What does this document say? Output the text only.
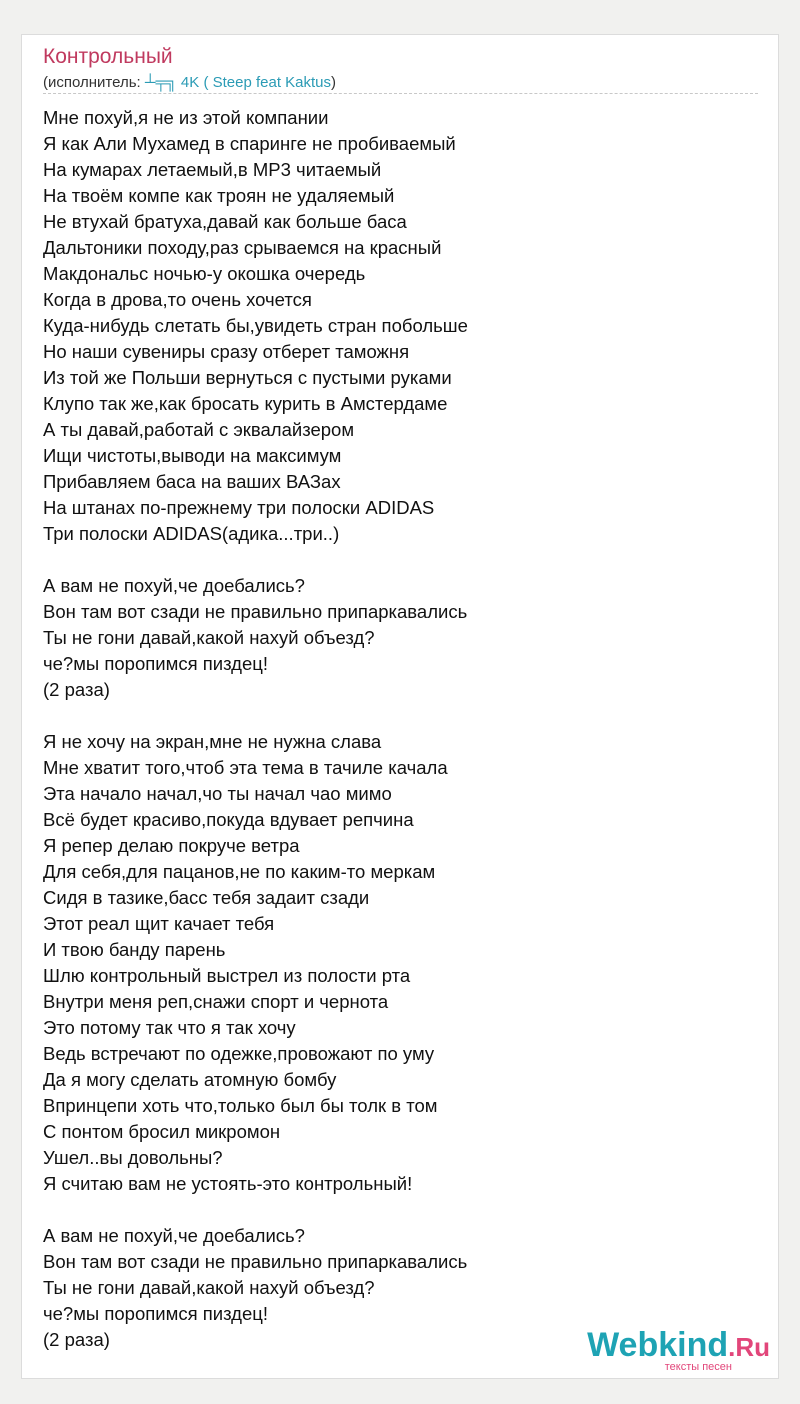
Контрольный
(исполнитель: ┴╤╗ 4K ( Steep feat Kaktus)
Мне похуй,я не из этой компании
Я как Али Мухамед в спаринге не пробиваемый
На кумарах летаемый,в MP3 читаемый
На твоём компе как троян не удаляемый
Не втухай братуха,давай как больше баса
Дальтоники походу,раз срываемся на красный
Макдональс ночью-у окошка очередь
Когда в дрова,то очень хочется
Куда-нибудь слетать бы,увидеть стран побольше
Но наши сувениры сразу отберет таможня
Из той же Польши вернуться с пустыми руками
Клупо так же,как бросать курить в Амстердаме
А ты давай,работай с эквалайзером
Ищи чистоты,выводи на максимум
Прибавляем баса на ваших ВАЗах
На штанах по-прежнему три полоски ADIDAS
Три полоски ADIDAS(адика...три..)
А вам не похуй,че доебались?
Вон там вот сзади не правильно припаркавались
Ты не гони давай,какой нахуй объезд?
че?мы поропимся пиздец!
(2 раза)
Я не хочу на экран,мне не нужна слава
Мне хватит того,чтоб эта тема в тачиле качала
Эта начало начал,чо ты начал чао мимо
Всё будет красиво,покуда вдувает репчина
Я репер делаю покруче ветра
Для себя,для пацанов,не по каким-то меркам
Сидя в тазике,басс тебя задаит сзади
Этот реал щит качает тебя
И твою банду парень
Шлю контрольный выстрел из полости рта
Внутри меня реп,снажи спорт и чернота
Это потому так что я так хочу
Ведь встречают по одежке,провожают по уму
Да я могу сделать атомную бомбу
Впринцепи хоть что,только был бы толк в том
С понтом бросил микромон
Ушел..вы довольны?
Я считаю вам не устоять-это контрольный!
А вам не похуй,че доебались?
Вон там вот сзади не правильно припаркавались
Ты не гони давай,какой нахуй объезд?
че?мы поропимся пиздец!
(2 раза)	Webkind.Ru
тексты песен
